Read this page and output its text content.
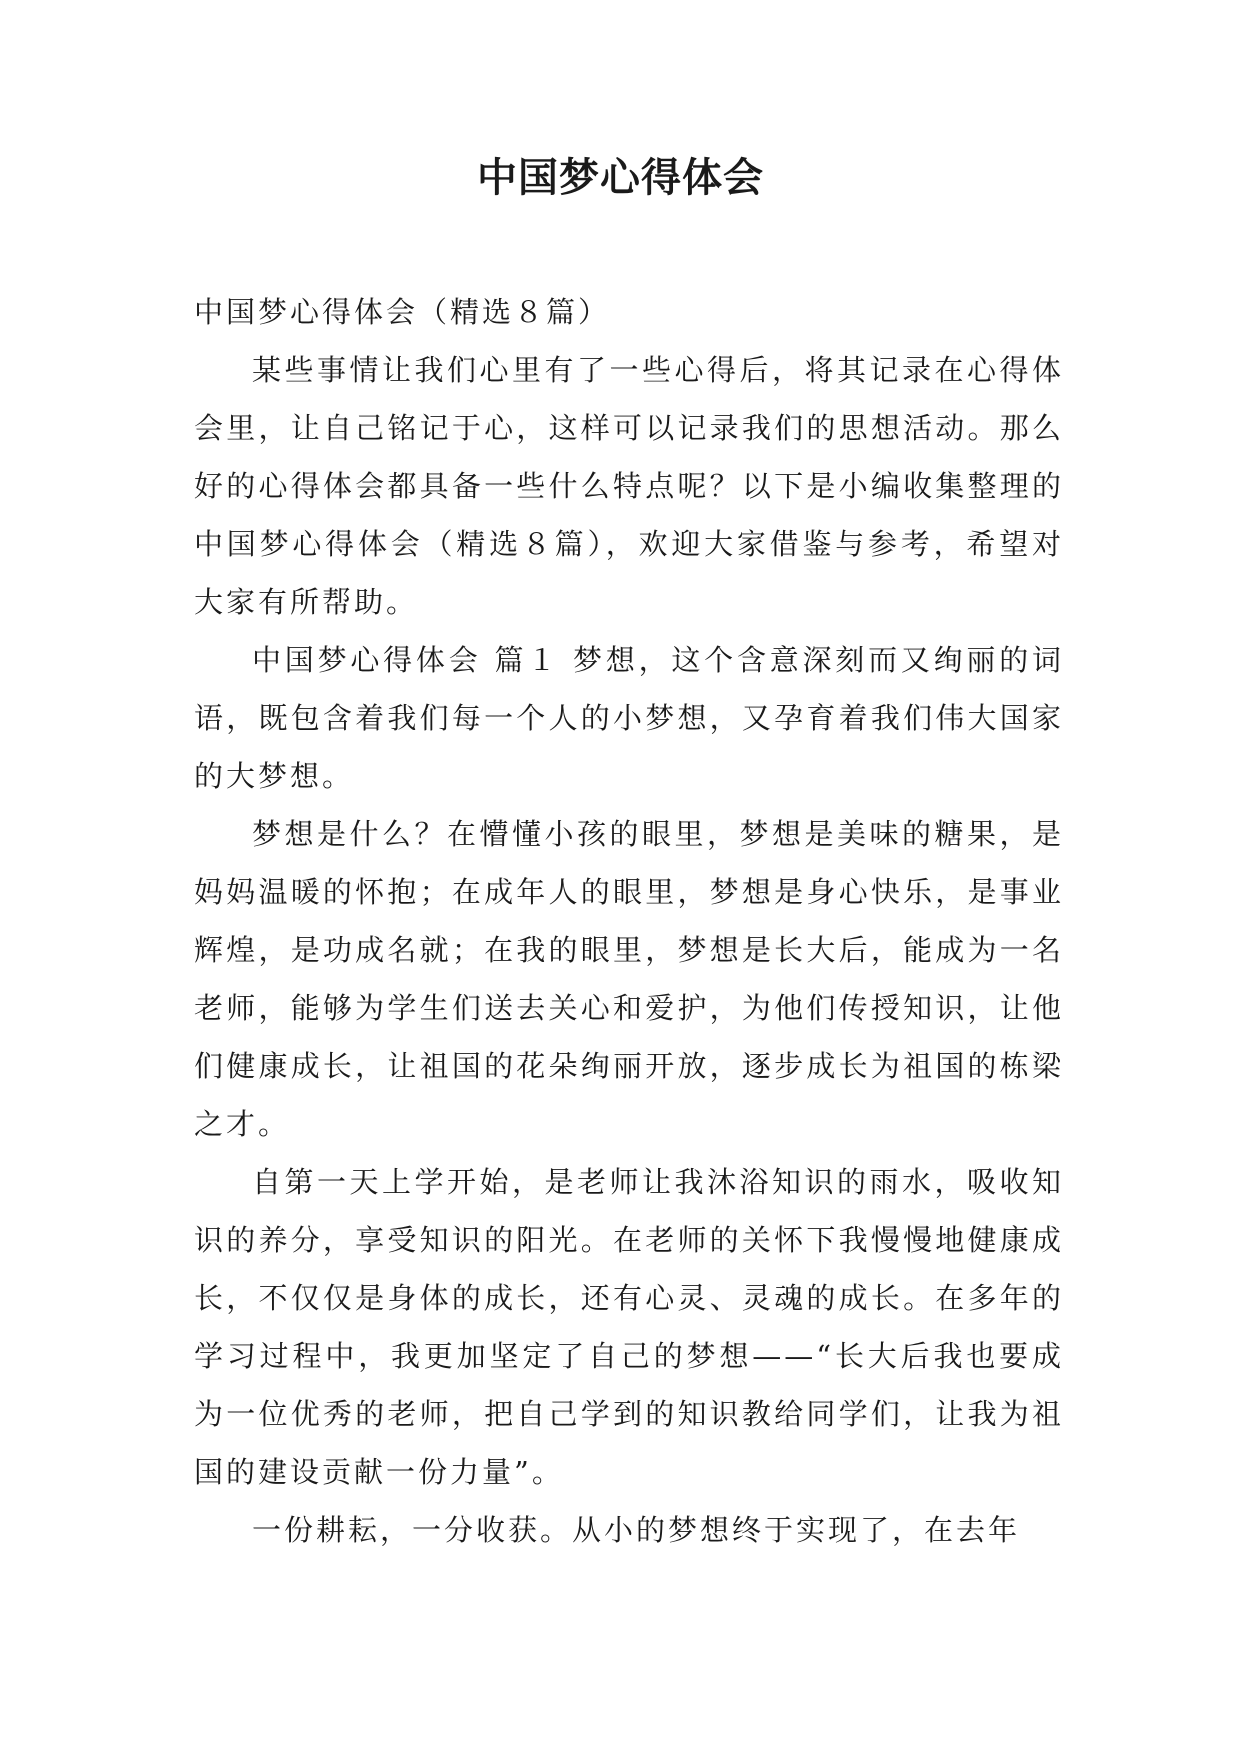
中国梦心得体会

中国梦心得体会（精选８篇）

某些事情让我们心里有了一些心得后，将其记录在心得体会里，让自己铭记于心，这样可以记录我们的思想活动。那么好的心得体会都具备一些什么特点呢？以下是小编收集整理的中国梦心得体会（精选８篇），欢迎大家借鉴与参考，希望对大家有所帮助。

中国梦心得体会 篇１ 梦想，这个含意深刻而又绚丽的词语，既包含着我们每一个人的小梦想，又孕育着我们伟大国家的大梦想。

梦想是什么？在懵懂小孩的眼里，梦想是美味的糖果，是妈妈温暖的怀抱；在成年人的眼里，梦想是身心快乐，是事业辉煌，是功成名就；在我的眼里，梦想是长大后，能成为一名老师，能够为学生们送去关心和爱护，为他们传授知识，让他们健康成长，让祖国的花朵绚丽开放，逐步成长为祖国的栋梁之才。

自第一天上学开始，是老师让我沐浴知识的雨水，吸收知识的养分，享受知识的阳光。在老师的关怀下我慢慢地健康成长，不仅仅是身体的成长，还有心灵、灵魂的成长。在多年的学习过程中，我更加坚定了自己的梦想——“长大后我也要成为一位优秀的老师，把自己学到的知识教给同学们，让我为祖国的建设贡献一份力量”。

一份耕耘，一分收获。从小的梦想终于实现了，在去年
